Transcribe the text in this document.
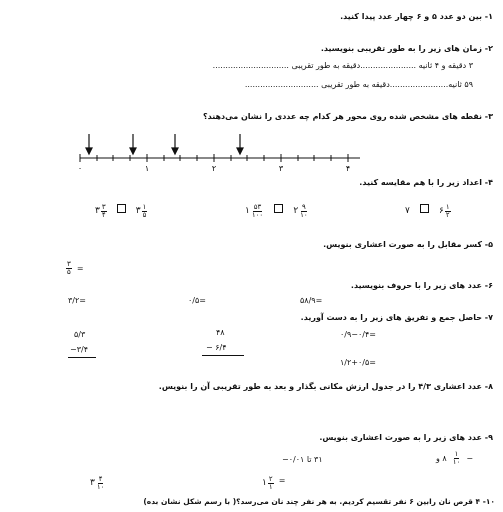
۱- بین دو عدد ۵ و ۶ چهار عدد پیدا کنید.
۲- زمان های زیر را به طور تقریبی بنویسید.
۳ دقیقه و ۴ ثانیه ......................دقیقه به طور تقریبی ..............................
۵۹ ثانیه.......................دقیقه به طور تقریبی .............................
۳- نقطه های مشخص شده روی محور هر کدام چه عددی را نشان می‌دهند؟
۰	۱	۲	۳	۴
۴- اعداد زیر را با هم مقایسه کنید.
۳ $\frac{۳}{۴}$
	۳ $\frac{۱}{۵}$	۱ $\frac{۵۳}{۱۰۰}$
	۲ $\frac{۹}{۱۰}$	۷	۶ $\frac{۱}{۲}$
۵- کسر مقابل را به صورت اعشاری بنویس.
$\frac{۳}{۵}$ =
۶- عدد های زیر را با حروف بنویسید.
۵۸/۹=
۰/۵=
۳/۲=
۷- حاصل جمع و تفریق های زیر را به دست آورید.
۰/۹−۰/۴=
۱/۲+۰/۵=
۴۸
− ۶/۴
۵/۳
−۳/۴
۸- عدد اعشاری ۴/۳ را در جدول ارزش مکانی بگذار و بعد به طور تقریبی آن را بنویس.
۹- عدد های زیر را به صورت اعشاری بنویس.
−
$\frac{۱}{۱۰}$
۸ و
۳۱ تا ۰/۰۱−
۱ $\frac{۲}{۱}$ =
۳ $\frac{۴}{۱۰}$
۱۰- ۴ قرص نان رابین ۶ نفر تقسیم کردیم. به هر نفر چند نان می‌رسد؟( با رسم شکل نشان بده)
